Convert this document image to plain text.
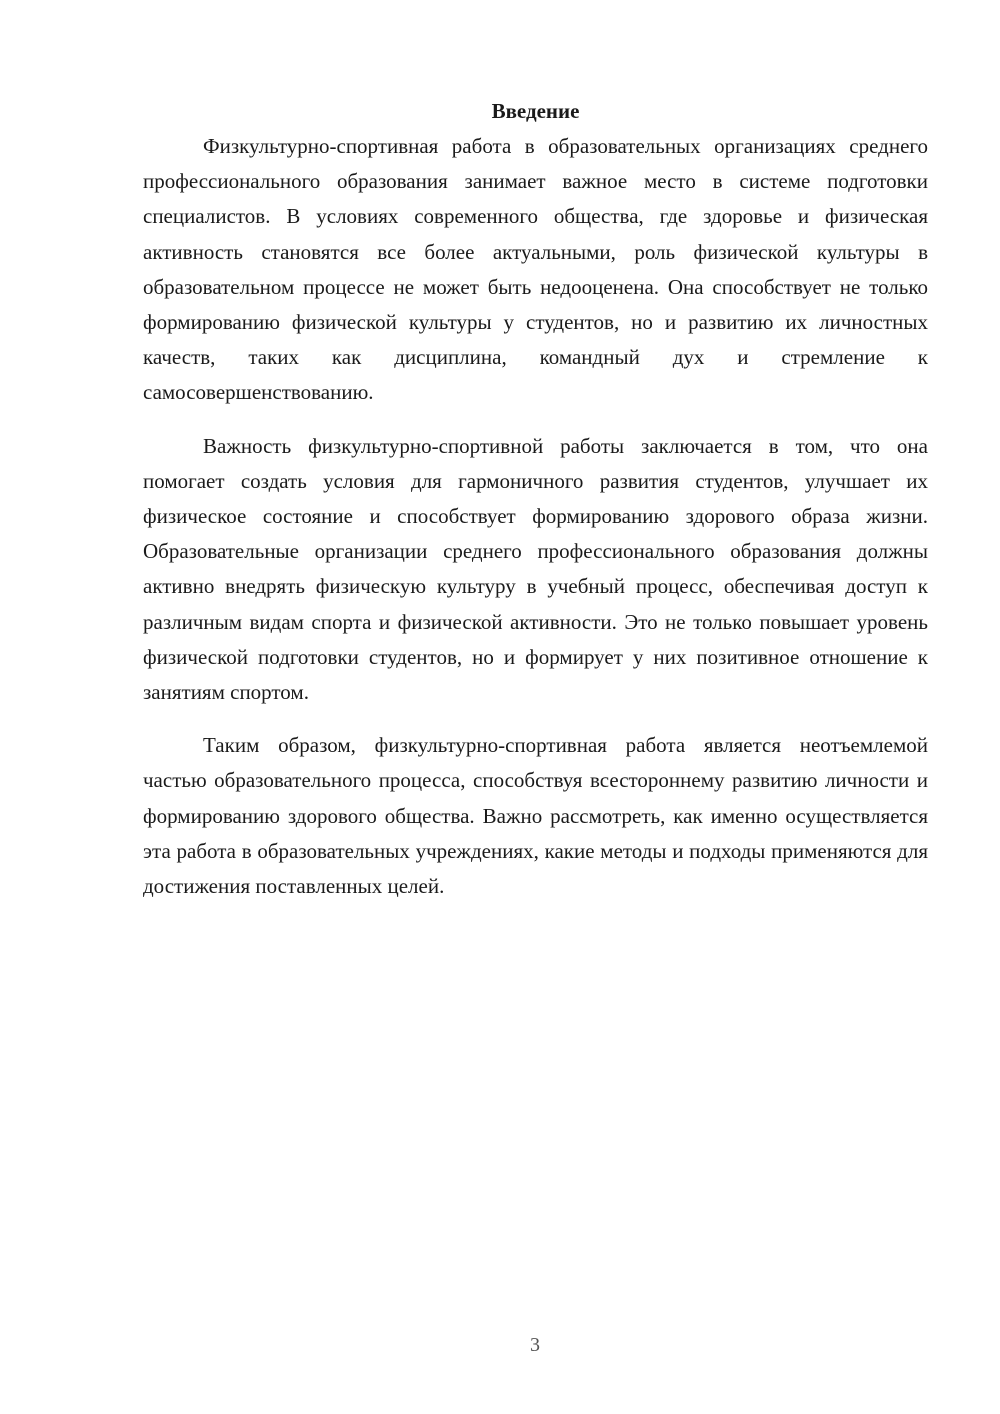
Введение

Физкультурно-спортивная работа в образовательных организациях среднего профессионального образования занимает важное место в системе подготовки специалистов. В условиях современного общества, где здоровье и физическая активность становятся все более актуальными, роль физической культуры в образовательном процессе не может быть недооценена. Она способствует не только формированию физической культуры у студентов, но и развитию их личностных качеств, таких как дисциплина, командный дух и стремление к самосовершенствованию.

Важность физкультурно-спортивной работы заключается в том, что она помогает создать условия для гармоничного развития студентов, улучшает их физическое состояние и способствует формированию здорового образа жизни. Образовательные организации среднего профессионального образования должны активно внедрять физическую культуру в учебный процесс, обеспечивая доступ к различным видам спорта и физической активности. Это не только повышает уровень физической подготовки студентов, но и формирует у них позитивное отношение к занятиям спортом.

Таким образом, физкультурно-спортивная работа является неотъемлемой частью образовательного процесса, способствуя всестороннему развитию личности и формированию здорового общества. Важно рассмотреть, как именно осуществляется эта работа в образовательных учреждениях, какие методы и подходы применяются для достижения поставленных целей.

3
